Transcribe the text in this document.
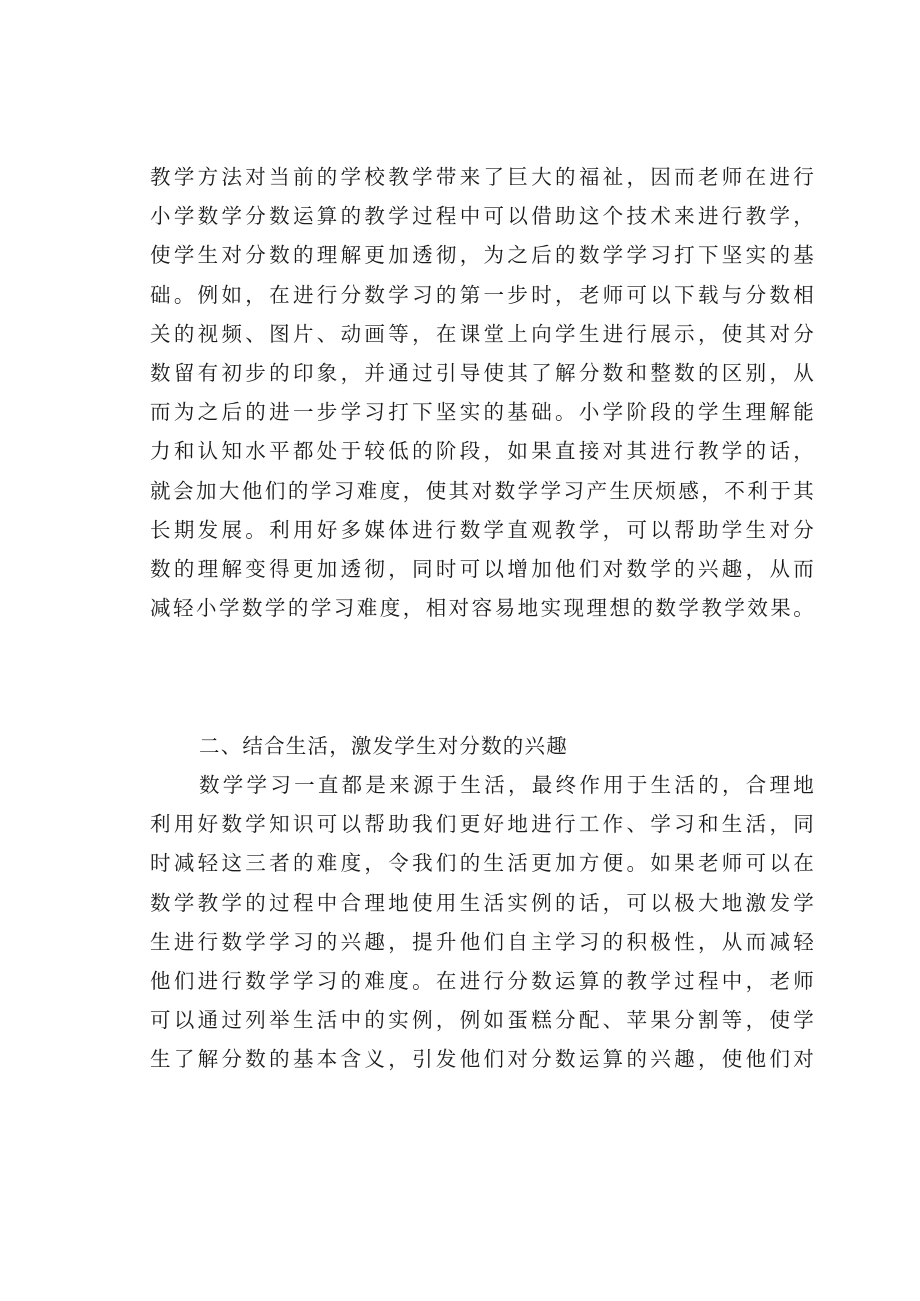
教学方法对当前的学校教学带来了巨大的福祉，因而老师在进行
小学数学分数运算的教学过程中可以借助这个技术来进行教学，
使学生对分数的理解更加透彻，为之后的数学学习打下坚实的基
础。例如，在进行分数学习的第一步时，老师可以下载与分数相
关的视频、图片、动画等，在课堂上向学生进行展示，使其对分
数留有初步的印象，并通过引导使其了解分数和整数的区别，从
而为之后的进一步学习打下坚实的基础。小学阶段的学生理解能
力和认知水平都处于较低的阶段，如果直接对其进行教学的话，
就会加大他们的学习难度，使其对数学学习产生厌烦感，不利于其
长期发展。利用好多媒体进行数学直观教学，可以帮助学生对分
数的理解变得更加透彻，同时可以增加他们对数学的兴趣，从而
减轻小学数学的学习难度，相对容易地实现理想的数学教学效果。
二、结合生活，激发学生对分数的兴趣
数学学习一直都是来源于生活，最终作用于生活的，合理地
利用好数学知识可以帮助我们更好地进行工作、学习和生活，同
时减轻这三者的难度，令我们的生活更加方便。如果老师可以在
数学教学的过程中合理地使用生活实例的话，可以极大地激发学
生进行数学学习的兴趣，提升他们自主学习的积极性，从而减轻
他们进行数学学习的难度。在进行分数运算的教学过程中，老师
可以通过列举生活中的实例，例如蛋糕分配、苹果分割等，使学
生了解分数的基本含义，引发他们对分数运算的兴趣，使他们对
